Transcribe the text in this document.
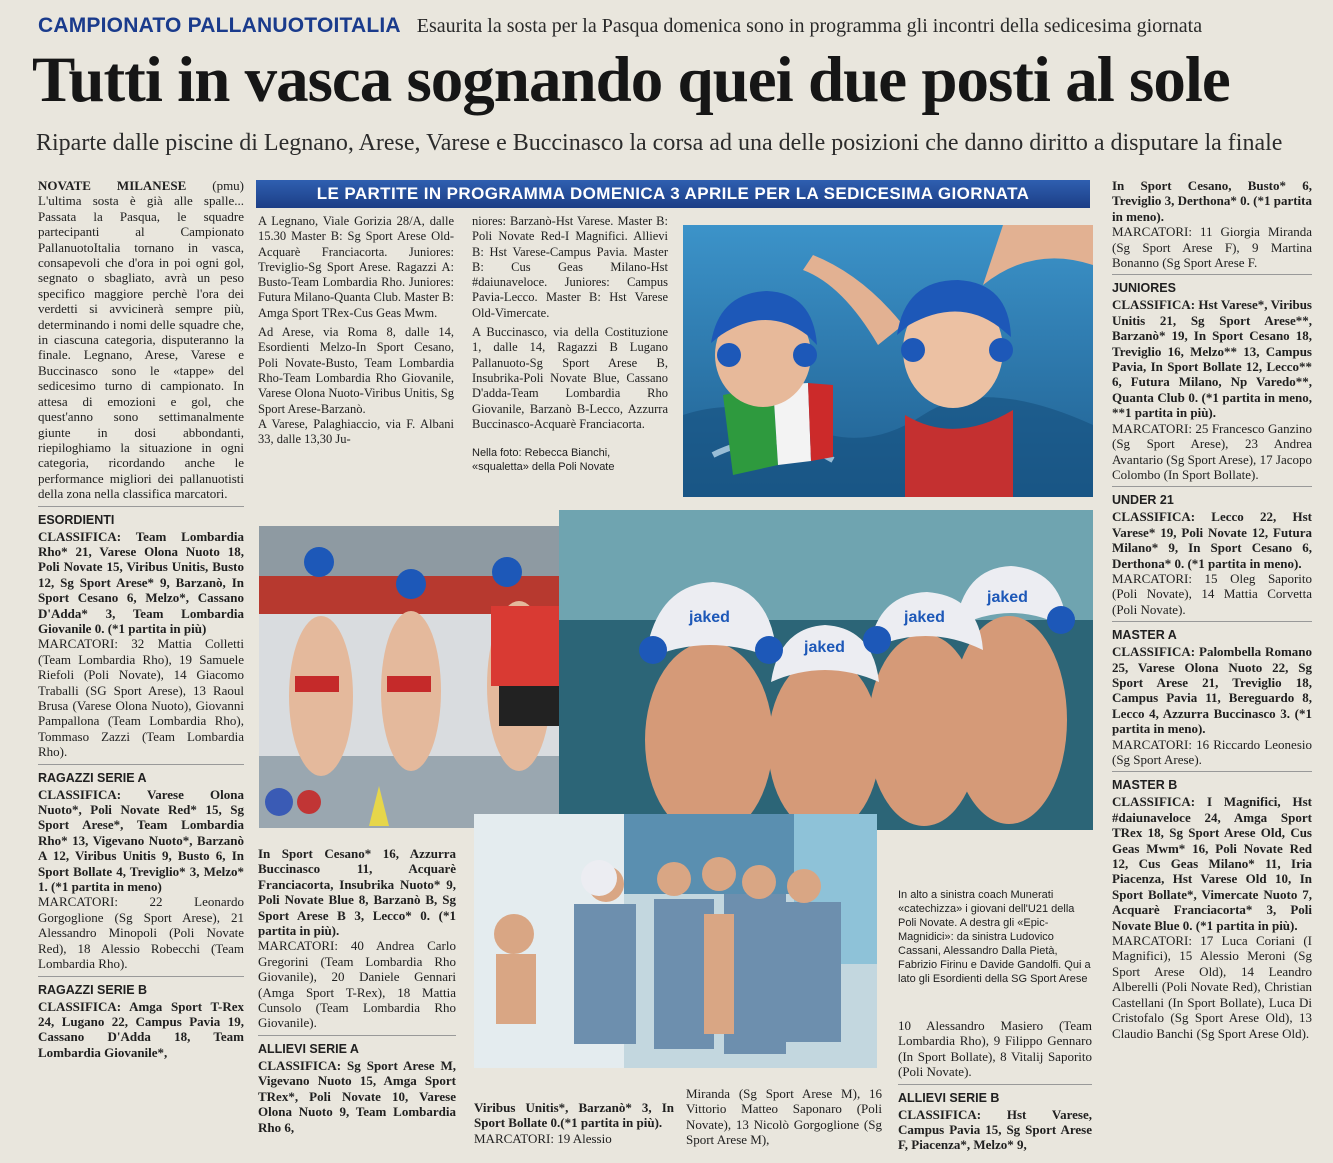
CAMPIONATO PALLANUOTOITALIA Esaurita la sosta per la Pasqua domenica sono in programma gli incontri della sedicesima giornata
Tutti in vasca sognando quei due posti al sole
Riparte dalle piscine di Legnano, Arese, Varese e Buccinasco la corsa ad una delle posizioni che danno diritto a disputare la finale

NOVATE MILANESE (pmu) L'ultima sosta è già alle spalle... Passata la Pasqua, le squadre partecipanti al Campionato PallanuotoItalia tornano in vasca, consapevoli che d'ora in poi ogni gol, segnato o sbagliato, avrà un peso specifico maggiore perchè l'ora dei verdetti si avvicinerà sempre più, determinando i nomi delle squadre che, in ciascuna categoria, disputeranno la finale. Legnano, Arese, Varese e Buccinasco sono le «tappe» del sedicesimo turno di campionato. In attesa di emozioni e gol, che quest'anno sono settimanalmente giunte in dosi abbondanti, riepiloghiamo la situazione in ogni categoria, ricordando anche le performance migliori dei pallanuotisti della zona nella classifica marcatori.

ESORDIENTI

CLASSIFICA: Team Lombardia Rho* 21, Varese Olona Nuoto 18, Poli Novate 15, Viribus Unitis, Busto 12, Sg Sport Arese* 9, Barzanò, In Sport Cesano 6, Melzo*, Cassano D'Adda* 3, Team Lombardia Giovanile 0. (*1 partita in più)

MARCATORI: 32 Mattia Colletti (Team Lombardia Rho), 19 Samuele Riefoli (Poli Novate), 14 Giacomo Traballi (SG Sport Arese), 13 Raoul Brusa (Varese Olona Nuoto), Giovanni Pampallona (Team Lombardia Rho), Tommaso Zazzi (Team Lombardia Rho).

RAGAZZI SERIE A

CLASSIFICA: Varese Olona Nuoto*, Poli Novate Red* 15, Sg Sport Arese*, Team Lombardia Rho* 13, Vigevano Nuoto*, Barzanò A 12, Viribus Unitis 9, Busto 6, In Sport Bollate 4, Treviglio* 3, Melzo* 1. (*1 partita in meno)

MARCATORI: 22 Leonardo Gorgoglione (Sg Sport Arese), 21 Alessandro Minopoli (Poli Novate Red), 18 Alessio Robecchi (Team Lombardia Rho).

RAGAZZI SERIE B

CLASSIFICA: Amga Sport T-Rex 24, Lugano 22, Campus Pavia 19, Cassano D'Adda 18, Team Lombardia Giovanile*,

LE PARTITE IN PROGRAMMA DOMENICA 3 APRILE PER LA SEDICESIMA GIORNATA

A Legnano, Viale Gorizia 28/A, dalle 15.30 Master B: Sg Sport Arese Old-Acquarè Franciacorta. Juniores: Treviglio-Sg Sport Arese. Ragazzi A: Busto-Team Lombardia Rho. Juniores: Futura Milano-Quanta Club. Master B: Amga Sport TRex-Cus Geas Mwm.

Ad Arese, via Roma 8, dalle 14, Esordienti Melzo-In Sport Cesano, Poli Novate-Busto, Team Lombardia Rho-Team Lombardia Rho Giovanile, Varese Olona Nuoto-Viribus Unitis, Sg Sport Arese-Barzanò.

A Varese, Palaghiaccio, via F. Albani 33, dalle 13,30 Ju-

niores: Barzanò-Hst Varese. Master B: Poli Novate Red-I Magnifici. Allievi B: Hst Varese-Campus Pavia. Master B: Cus Geas Milano-Hst #daiunaveloce. Juniores: Campus Pavia-Lecco. Master B: Hst Varese Old-Vimercate.

A Buccinasco, via della Costituzione 1, dalle 14, Ragazzi B Lugano Pallanuoto-Sg Sport Arese B, Insubrika-Poli Novate Blue, Cassano D'adda-Team Lombardia Rho Giovanile, Barzanò B-Lecco, Azzurra Buccinasco-Acquarè Franciacorta.

Nella foto: Rebecca Bianchi, «squaletta» della Poli Novate

jaked
jaked
jaked
jaked

In alto a sinistra coach Munerati «catechizza» i giovani dell'U21 della Poli Novate. A destra gli «Epic-Magnidici»: da sinistra Ludovico Cassani, Alessandro Dalla Pietà, Fabrizio Firinu e Davide Gandolfi. Qui a lato gli Esordienti della SG Sport Arese

In Sport Cesano* 16, Azzurra Buccinasco 11, Acquarè Franciacorta, Insubrika Nuoto* 9, Poli Novate Blue 8, Barzanò B, Sg Sport Arese B 3, Lecco* 0. (*1 partita in più).

MARCATORI: 40 Andrea Carlo Gregorini (Team Lombardia Rho Giovanile), 20 Daniele Gennari (Amga Sport T-Rex), 18 Mattia Cunsolo (Team Lombardia Rho Giovanile).

ALLIEVI SERIE A

CLASSIFICA: Sg Sport Arese M, Vigevano Nuoto 15, Amga Sport TRex*, Poli Novate 10, Varese Olona Nuoto 9, Team Lombardia Rho 6,

Viribus Unitis*, Barzanò* 3, In Sport Bollate 0.(*1 partita in più).

MARCATORI: 19 Alessio

Miranda (Sg Sport Arese M), 16 Vittorio Matteo Saponaro (Poli Novate), 13 Nicolò Gorgoglione (Sg Sport Arese M),

10 Alessandro Masiero (Team Lombardia Rho), 9 Filippo Gennaro (In Sport Bollate), 8 Vitalij Saporito (Poli Novate).

ALLIEVI SERIE B

CLASSIFICA: Hst Varese, Campus Pavia 15, Sg Sport Arese F, Piacenza*, Melzo* 9,

In Sport Cesano, Busto* 6, Treviglio 3, Derthona* 0. (*1 partita in meno).

MARCATORI: 11 Giorgia Miranda (Sg Sport Arese F), 9 Martina Bonanno (Sg Sport Arese F.

JUNIORES

CLASSIFICA: Hst Varese*, Viribus Unitis 21, Sg Sport Arese**, Barzanò* 19, In Sport Cesano 18, Treviglio 16, Melzo** 13, Campus Pavia, In Sport Bollate 12, Lecco** 6, Futura Milano, Np Varedo**, Quanta Club 0. (*1 partita in meno, **1 partita in più).

MARCATORI: 25 Francesco Ganzino (Sg Sport Arese), 23 Andrea Avantario (Sg Sport Arese), 17 Jacopo Colombo (In Sport Bollate).

UNDER 21

CLASSIFICA: Lecco 22, Hst Varese* 19, Poli Novate 12, Futura Milano* 9, In Sport Cesano 6, Derthona* 0. (*1 partita in meno).

MARCATORI: 15 Oleg Saporito (Poli Novate), 14 Mattia Corvetta (Poli Novate).

MASTER A

CLASSIFICA: Palombella Romano 25, Varese Olona Nuoto 22, Sg Sport Arese 21, Treviglio 18, Campus Pavia 11, Bereguardo 8, Lecco 4, Azzurra Buccinasco 3. (*1 partita in meno).

MARCATORI: 16 Riccardo Leonesio (Sg Sport Arese).

MASTER B

CLASSIFICA: I Magnifici, Hst #daiunaveloce 24, Amga Sport TRex 18, Sg Sport Arese Old, Cus Geas Mwm* 16, Poli Novate Red 12, Cus Geas Milano* 11, Iria Piacenza, Hst Varese Old 10, In Sport Bollate*, Vimercate Nuoto 7, Acquarè Franciacorta* 3, Poli Novate Blue 0. (*1 partita in più).

MARCATORI: 17 Luca Coriani (I Magnifici), 15 Alessio Meroni (Sg Sport Arese Old), 14 Leandro Alberelli (Poli Novate Red), Christian Castellani (In Sport Bollate), Luca Di Cristofalo (Sg Sport Arese Old), 13 Claudio Banchi (Sg Sport Arese Old).
